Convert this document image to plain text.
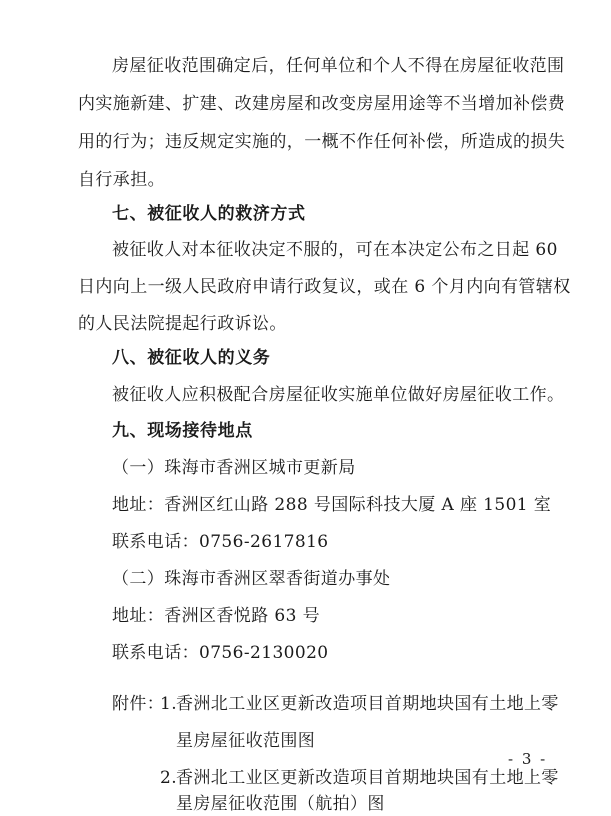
房屋征收范围确定后，任何单位和个人不得在房屋征收范围
内实施新建、扩建、改建房屋和改变房屋用途等不当增加补偿费
用的行为；违反规定实施的，一概不作任何补偿，所造成的损失
自行承担。
七、被征收人的救济方式
被征收人对本征收决定不服的，可在本决定公布之日起 60
日内向上一级人民政府申请行政复议，或在 6 个月内向有管辖权
的人民法院提起行政诉讼。
八、被征收人的义务
被征收人应积极配合房屋征收实施单位做好房屋征收工作。
九、现场接待地点
（一）珠海市香洲区城市更新局
地址：香洲区红山路 288 号国际科技大厦 A 座 1501 室
联系电话：0756-2617816
（二）珠海市香洲区翠香街道办事处
地址：香洲区香悦路 63 号
联系电话：0756-2130020
附件：
1.
香洲北工业区更新改造项目首期地块国有土地上零
星房屋征收范围图
2.
香洲北工业区更新改造项目首期地块国有土地上零
星房屋征收范围（航拍）图
- 3 -
